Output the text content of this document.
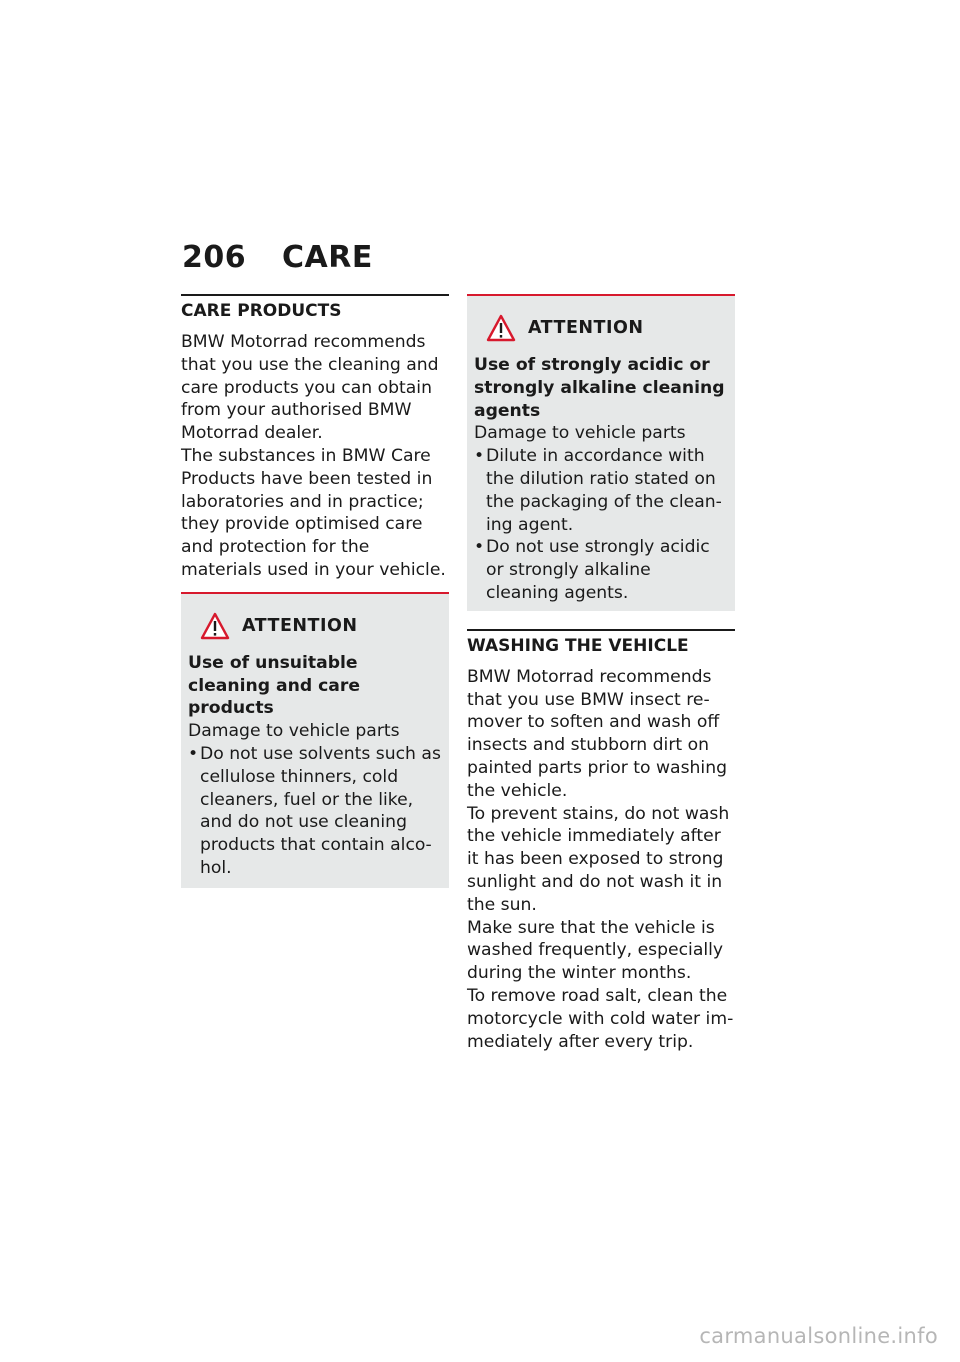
206 CARE
CARE PRODUCTS

BMW Motorrad recommends that you use the cleaning and care products you can obtain from your authorised BMW Motorrad dealer.

The substances in BMW Care Products have been tested in laboratories and in practice; they provide optimised care and protection for the materials used in your vehicle.

ATTENTION
Use of unsuitable cleaning and care products
Damage to vehicle parts
• Do not use solvents such as cellulose thinners, cold cleaners, fuel or the like, and do not use cleaning products that contain alcohol.
ATTENTION
Use of strongly acidic or strongly alkaline cleaning agents
Damage to vehicle parts
• Dilute in accordance with the dilution ratio stated on the packaging of the cleaning agent.
• Do not use strongly acidic or strongly alkaline cleaning agents.
WASHING THE VEHICLE

BMW Motorrad recommends that you use BMW insect remover to soften and wash off insects and stubborn dirt on painted parts prior to washing the vehicle.

To prevent stains, do not wash the vehicle immediately after it has been exposed to strong sunlight and do not wash it in the sun.

Make sure that the vehicle is washed frequently, especially during the winter months.

To remove road salt, clean the motorcycle with cold water immediately after every trip.

carmanualsonline.info
